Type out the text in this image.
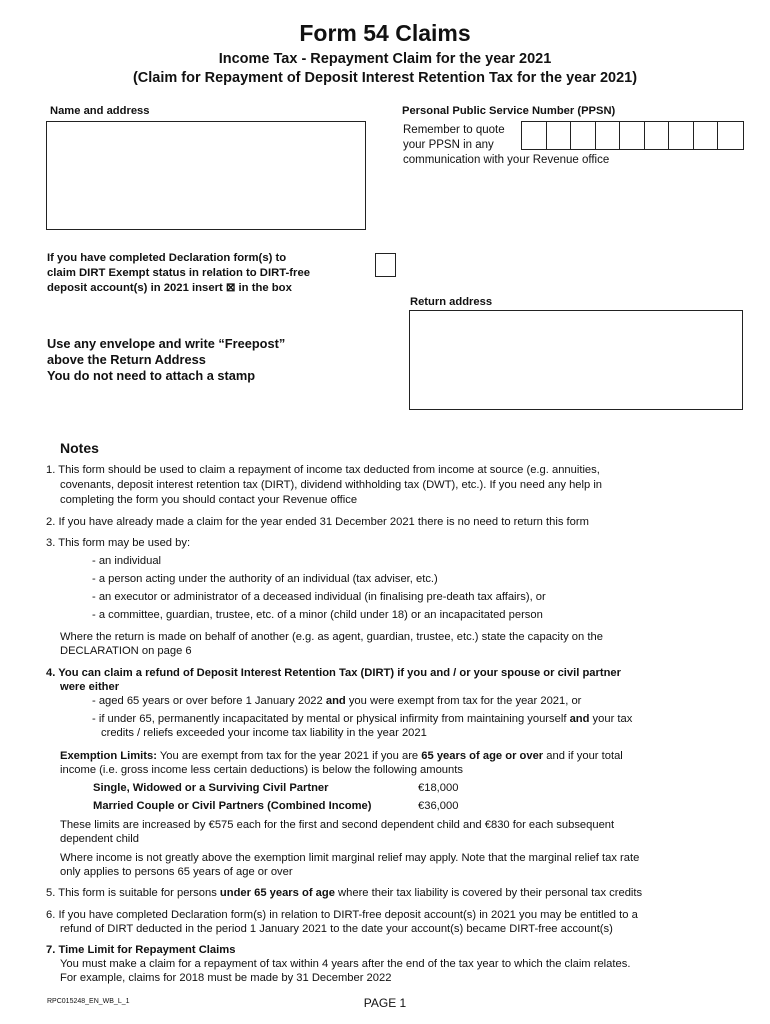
Form 54 Claims
Income Tax - Repayment Claim for the year 2021
(Claim for Repayment of Deposit Interest Retention Tax for the year 2021)
Name and address	Personal Public Service Number (PPSN)
Remember to quote
your PPSN in any
communication with your Revenue office
If you have completed Declaration form(s) to
claim DIRT Exempt status in relation to DIRT-free
deposit account(s) in 2021 insert ⊠ in the box
Return address
Use any envelope and write “Freepost”
above the Return Address
You do not need to attach a stamp
Notes

1. This form should be used to claim a repayment of income tax deducted from income at source (e.g. annuities,

covenants, deposit interest retention tax (DIRT), dividend withholding tax (DWT), etc.). If you need any help in

completing the form you should contact your Revenue office

2. If you have already made a claim for the year ended 31 December 2021 there is no need to return this form

3. This form may be used by:

- an individual

- a person acting under the authority of an individual (tax adviser, etc.)

- an executor or administrator of a deceased individual (in finalising pre-death tax affairs), or

- a committee, guardian, trustee, etc. of a minor (child under 18) or an incapacitated person

Where the return is made on behalf of another (e.g. as agent, guardian, trustee, etc.) state the capacity on the

DECLARATION on page 6

4. You can claim a refund of Deposit Interest Retention Tax (DIRT) if you and / or your spouse or civil partner

were either

- aged 65 years or over before 1 January 2022 and you were exempt from tax for the year 2021, or

- if under 65, permanently incapacitated by mental or physical infirmity from maintaining yourself and your tax

credits / reliefs exceeded your income tax liability in the year 2021

Exemption Limits: You are exempt from tax for the year 2021 if you are 65 years of age or over and if your total

income (i.e. gross income less certain deductions) is below the following amounts

Single, Widowed or a Surviving Civil Partner	€18,000

Married Couple or Civil Partners (Combined Income)	€36,000

These limits are increased by €575 each for the first and second dependent child and €830 for each subsequent

dependent child

Where income is not greatly above the exemption limit marginal relief may apply. Note that the marginal relief tax rate

only applies to persons 65 years of age or over

5. This form is suitable for persons under 65 years of age where their tax liability is covered by their personal tax credits

6. If you have completed Declaration form(s) in relation to DIRT-free deposit account(s) in 2021 you may be entitled to a

refund of DIRT deducted in the period 1 January 2021 to the date your account(s) became DIRT-free account(s)

7. Time Limit for Repayment Claims

You must make a claim for a repayment of tax within 4 years after the end of the tax year to which the claim relates.

For example, claims for 2018 must be made by 31 December 2022

RPC015248_EN_WB_L_1	PAGE 1
